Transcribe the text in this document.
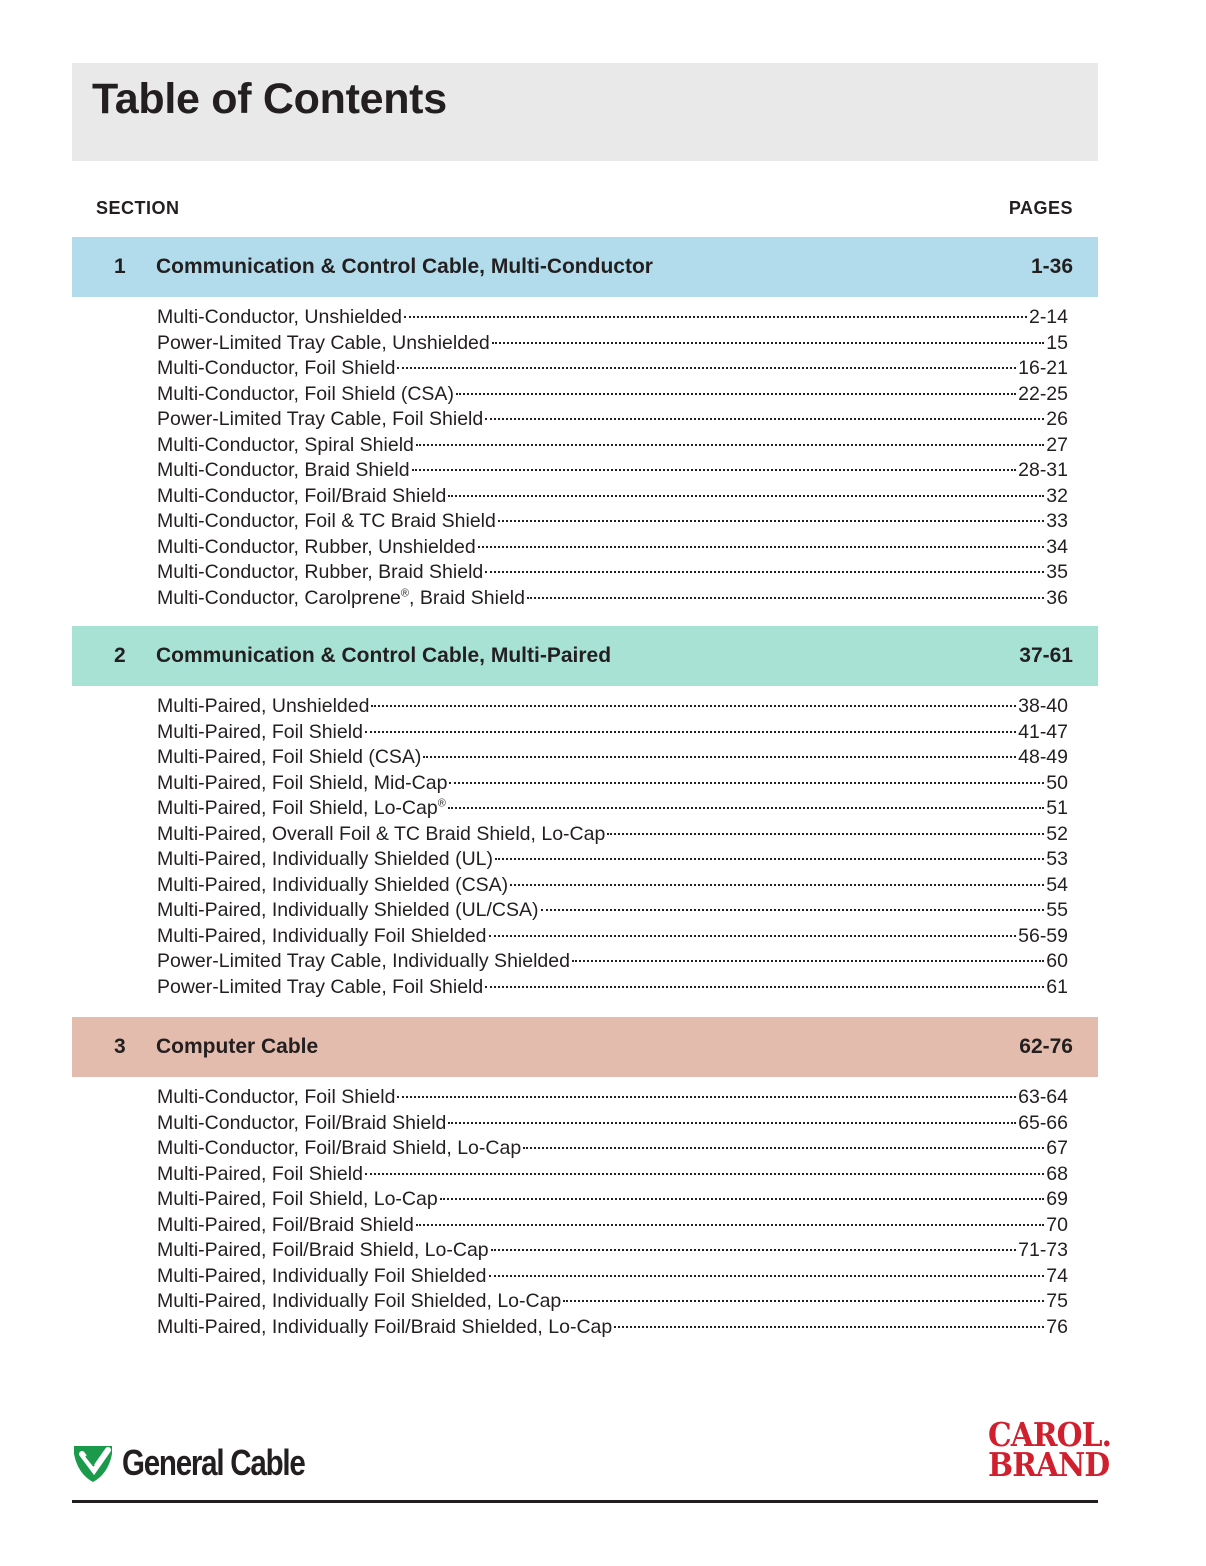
Table of Contents
SECTION	PAGES
1 Communication & Control Cable, Multi-Conductor	1-36
Multi-Conductor, Unshielded	2-14
Power-Limited Tray Cable, Unshielded	15
Multi-Conductor, Foil Shield	16-21
Multi-Conductor, Foil Shield (CSA)	22-25
Power-Limited Tray Cable, Foil Shield	26
Multi-Conductor, Spiral Shield	27
Multi-Conductor, Braid Shield	28-31
Multi-Conductor, Foil/Braid Shield	32
Multi-Conductor, Foil & TC Braid Shield	33
Multi-Conductor, Rubber, Unshielded	34
Multi-Conductor, Rubber, Braid Shield	35
Multi-Conductor, Carolprene®, Braid Shield	36
2 Communication & Control Cable, Multi-Paired	37-61
Multi-Paired, Unshielded	38-40
Multi-Paired, Foil Shield	41-47
Multi-Paired, Foil Shield (CSA)	48-49
Multi-Paired, Foil Shield, Mid-Cap	50
Multi-Paired, Foil Shield, Lo-Cap®	51
Multi-Paired, Overall Foil & TC Braid Shield, Lo-Cap	52
Multi-Paired, Individually Shielded (UL)	53
Multi-Paired, Individually Shielded (CSA)	54
Multi-Paired, Individually Shielded (UL/CSA)	55
Multi-Paired, Individually Foil Shielded	56-59
Power-Limited Tray Cable, Individually Shielded	60
Power-Limited Tray Cable, Foil Shield	61
3 Computer Cable	62-76
Multi-Conductor, Foil Shield	63-64
Multi-Conductor, Foil/Braid Shield	65-66
Multi-Conductor, Foil/Braid Shield, Lo-Cap	67
Multi-Paired, Foil Shield	68
Multi-Paired, Foil Shield, Lo-Cap	69
Multi-Paired, Foil/Braid Shield	70
Multi-Paired, Foil/Braid Shield, Lo-Cap	71-73
Multi-Paired, Individually Foil Shielded	74
Multi-Paired, Individually Foil Shielded, Lo-Cap	75
Multi-Paired, Individually Foil/Braid Shielded, Lo-Cap	76
General Cable
CAROL.
BRAND
